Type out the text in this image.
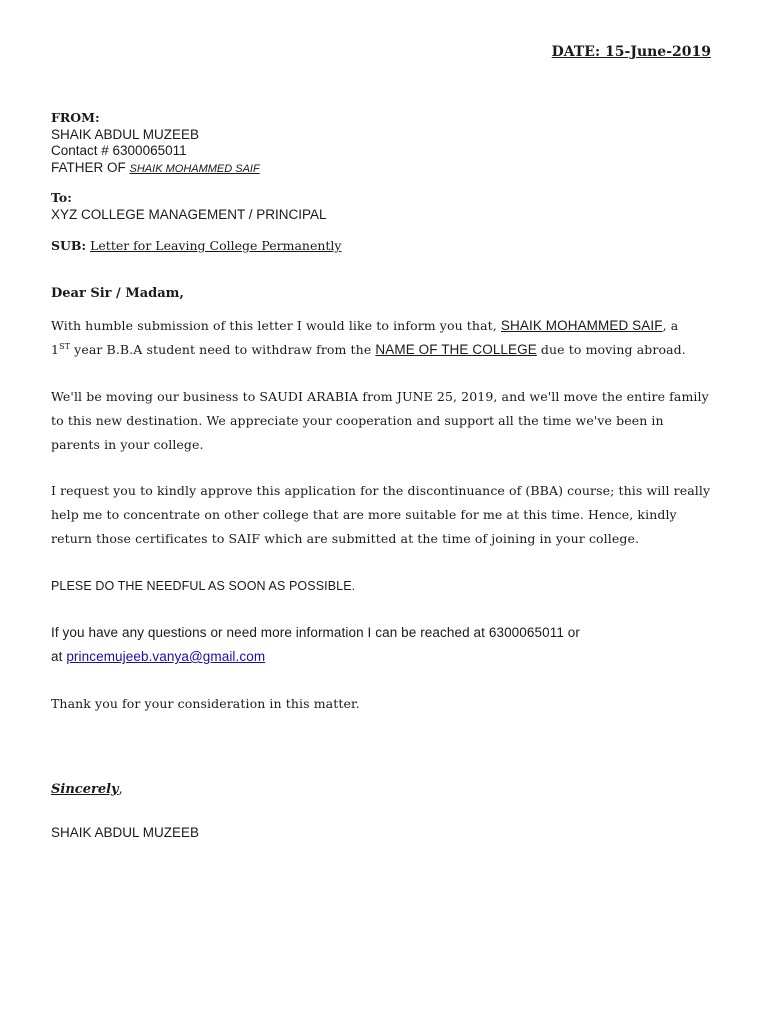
DATE: 15-June-2019
FROM:
SHAIK ABDUL MUZEEB
Contact # 6300065011
FATHER OF SHAIK MOHAMMED SAIF
To:
XYZ COLLEGE MANAGEMENT / PRINCIPAL
SUB: Letter for Leaving College Permanently
Dear Sir / Madam,
With humble submission of this letter I would like to inform you that, SHAIK MOHAMMED SAIF, a
1ST year B.B.A student need to withdraw from the NAME OF THE COLLEGE due to moving abroad.
We'll be moving our business to SAUDI ARABIA from JUNE 25, 2019, and we'll move the entire family
to this new destination. We appreciate your cooperation and support all the time we've been in
parents in your college.
I request you to kindly approve this application for the discontinuance of (BBA) course; this will really
help me to concentrate on other college that are more suitable for me at this time. Hence, kindly
return those certificates to SAIF which are submitted at the time of joining in your college.
PLESE DO THE NEEDFUL AS SOON AS POSSIBLE.
If you have any questions or need more information I can be reached at 6300065011 or
at princemujeeb.vanya@gmail.com
Thank you for your consideration in this matter.
Sincerely,
SHAIK ABDUL MUZEEB
